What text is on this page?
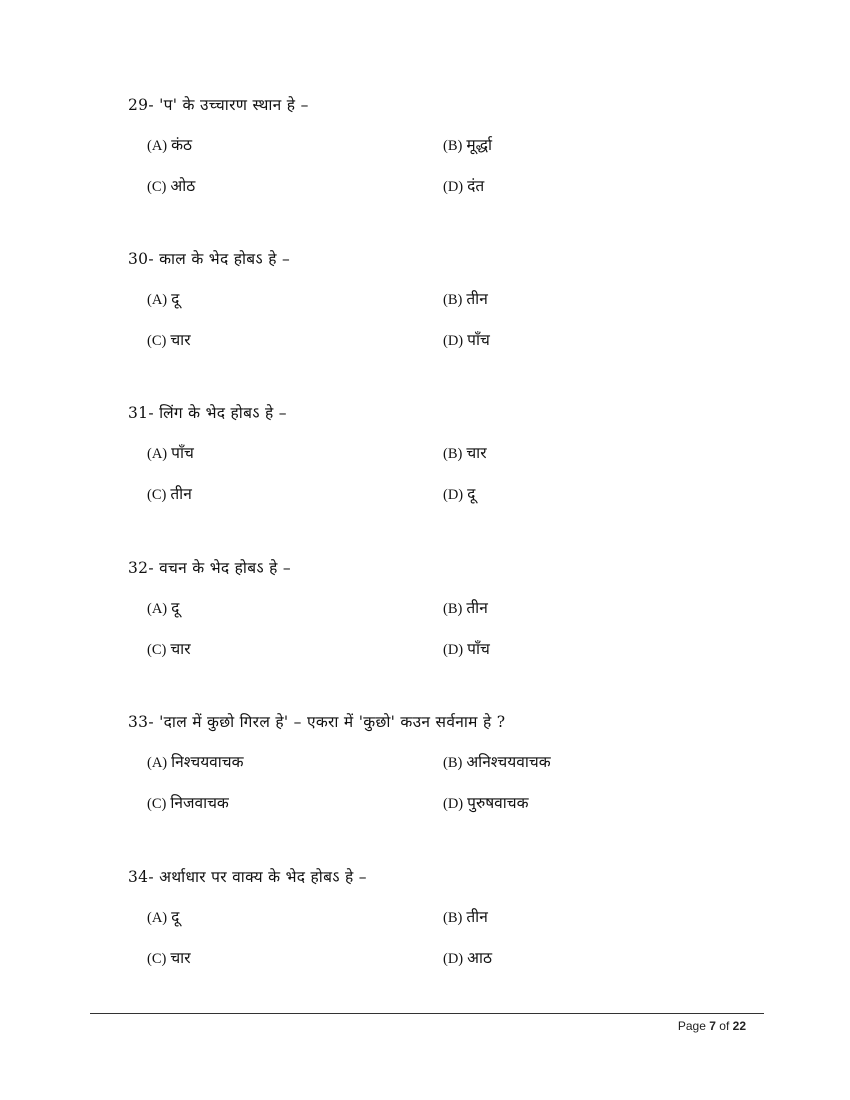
29- 'प' के उच्चारण स्थान हे –
(A) कंठ	(B) मूर्द्धा
(C) ओठ	(D) दंत
30- काल के भेद होबऽ हे –
(A) दू	(B) तीन
(C) चार	(D) पाँच
31- लिंग के भेद होबऽ हे –
(A) पाँच	(B) चार
(C) तीन	(D) दू
32- वचन के भेद होबऽ हे –
(A) दू	(B) तीन
(C) चार	(D) पाँच
33- 'दाल में कुछो गिरल हे' – एकरा में 'कुछो' कउन सर्वनाम हे ?
(A) निश्चयवाचक	(B) अनिश्चयवाचक
(C) निजवाचक	(D) पुरुषवाचक
34- अर्थाधार पर वाक्य के भेद होबऽ हे –
(A) दू	(B) तीन
(C) चार	(D) आठ
Page 7 of 22
